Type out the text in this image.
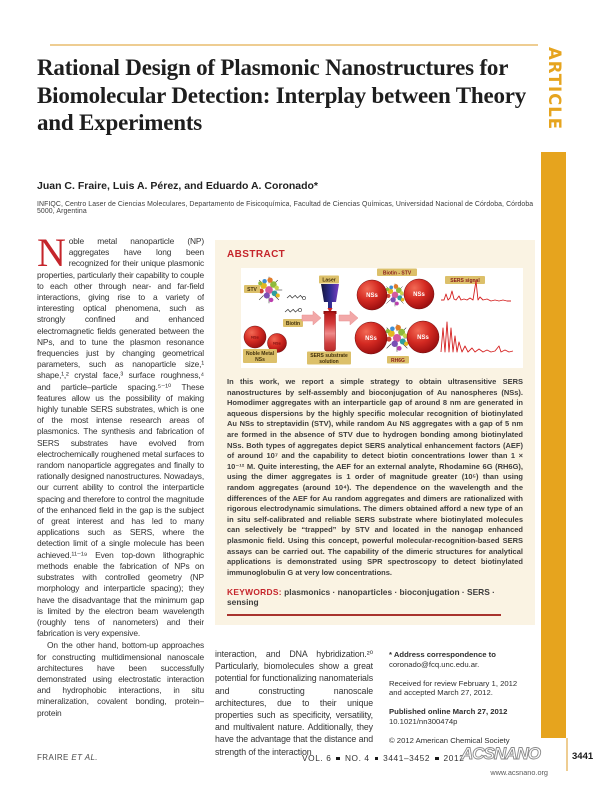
ARTICLE
Rational Design of Plasmonic Nanostructures for Biomolecular Detection: Interplay between Theory and Experiments
Juan C. Fraire, Luis A. Pérez, and Eduardo A. Coronado*
INFIQC, Centro Laser de Ciencias Moleculares, Departamento de Fisicoquímica, Facultad de Ciencias Químicas, Universidad Nacional de Córdoba, Córdoba 5000, Argentina

Noble metal nanoparticle (NP) aggregates have long been recognized for their unique plasmonic properties, particularly their capability to couple to each other through near- and far-field interactions, giving rise to a variety of interesting optical phenomena, such as strongly confined and enhanced electromagnetic fields generated between the NPs, and to tune the plasmon resonance frequencies just by changing geometrical parameters, such as nanoparticle size,¹ shape,¹,² crystal face,³ surface roughness,⁴ and particle–particle spacing.⁵⁻¹⁰ These features allow us the possibility of making highly tunable SERS substrates, which is one of the most intense research areas of plasmonics. The synthesis and fabrication of SERS substrates have evolved from electrochemically roughened metal surfaces to random nanoparticle aggregates and finally to rationally designed nanostructures. Nowadays, our current ability to control the interparticle spacing and therefore to control the magnitude of the enhanced field in the gap is the subject of great interest and has led to many applications such as SERS, where the detection limit of a single molecule has been achieved.¹¹⁻¹⁹ Even top-down lithographic methods enable the fabrication of NPs on substrates with controlled geometry (NP morphology and interparticle spacing); they have the disadvantage that the minimum gap is limited by the electron beam wavelength (roughly tens of nanometers) and their fabrication is very expensive.

On the other hand, bottom-up approaches for constructing multidimensional nanoscale architectures have been successfully demonstrated using electrostatic interaction and hydrophobic interactions, in situ mineralization, covalent bonding, protein–protein

ABSTRACT
STV
Biotin
NSs
NSs
Noble Metal
NSs
Laser
SERS substrate
solution
Biotin - STV
NSs	NSs
SERS signal
NSs	NSs
RH6G
In this work, we report a simple strategy to obtain ultrasensitive SERS nanostructures by self-assembly and bioconjugation of Au nanospheres (NSs). Homodimer aggregates with an interparticle gap of around 8 nm are generated in aqueous dispersions by the highly specific molecular recognition of biotinylated Au NSs to streptavidin (STV), while random Au NS aggregates with a gap of 5 nm are formed in the absence of STV due to hydrogen bonding among biotinylated NSs. Both types of aggregates depict SERS analytical enhancement factors (AEF) of around 10⁷ and the capability to detect biotin concentrations lower than 1 × 10⁻¹² M. Quite interesting, the AEF for an external analyte, Rhodamine 6G (RH6G), using the dimer aggregates is 1 order of magnitude greater (10⁵) than using random aggregates (around 10⁴). The dependence on the wavelength and the differences of the AEF for Au random aggregates and dimers are rationalized with rigorous electrodynamic simulations. The dimers obtained afford a new type of an in situ self-calibrated and reliable SERS substrate where biotinylated molecules can selectively be “trapped” by STV and located in the nanogap enhanced plasmonic field. Using this concept, powerful molecular-recognition-based SERS assays can be carried out. The capability of the dimeric structures for analytical applications is demonstrated using SPR spectroscopy to detect biotinylated immunoglobulin G at very low concentrations.
KEYWORDS: plasmonics · nanoparticles · bioconjugation · SERS · sensing
interaction, and DNA hybridization.²⁰ Particularly, biomolecules show a great potential for functionalizing nanomaterials and constructing nanoscale architectures, due to their unique properties such as specificity, versatility, and multivalent nature. Additionally, they have the advantage that the distance and strength of the interaction
* Address correspondence to
coronado@fcq.unc.edu.ar.
Received for review February 1, 2012
and accepted March 27, 2012.
Published online March 27, 2012
10.1021/nn300474p
© 2012 American Chemical Society
FRAIRE ET AL.	VOL. 6 NO. 4 3441–3452 2012
ACSNANO
www.acsnano.org
3441
